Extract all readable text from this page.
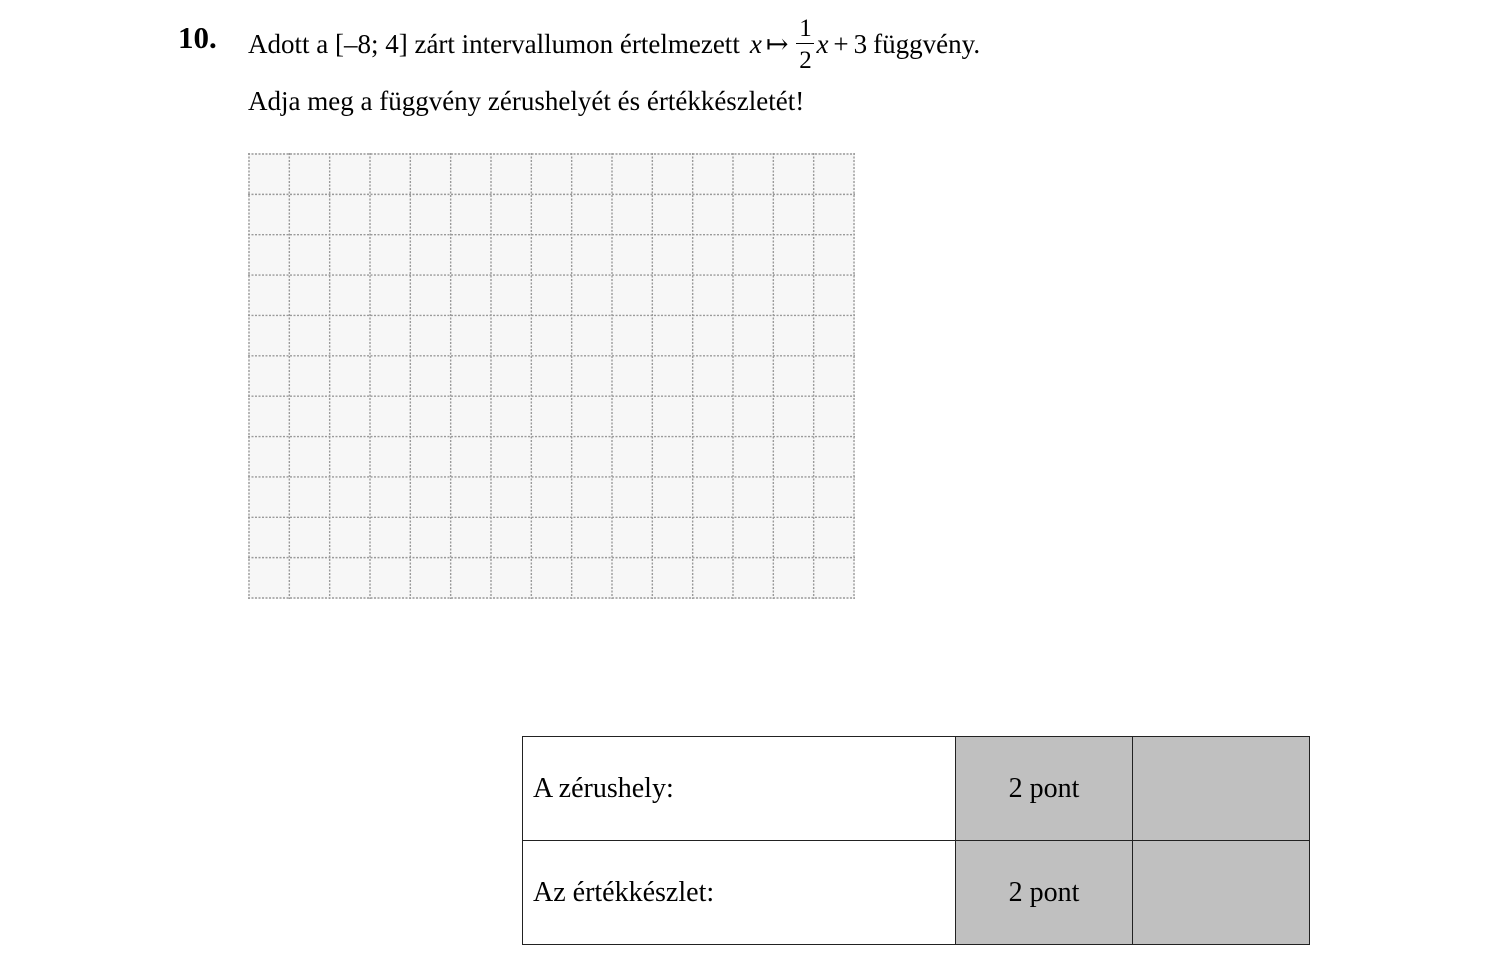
10. Adott a [–8; 4] zárt intervallumon értelmezett x ↦ $\frac{1}{2}$ x + 3 függvény.
Adja meg a függvény zérushelyét és értékkészletét!
A zérushely:	2 pont	
Az értékkészlet:	2 pont	
